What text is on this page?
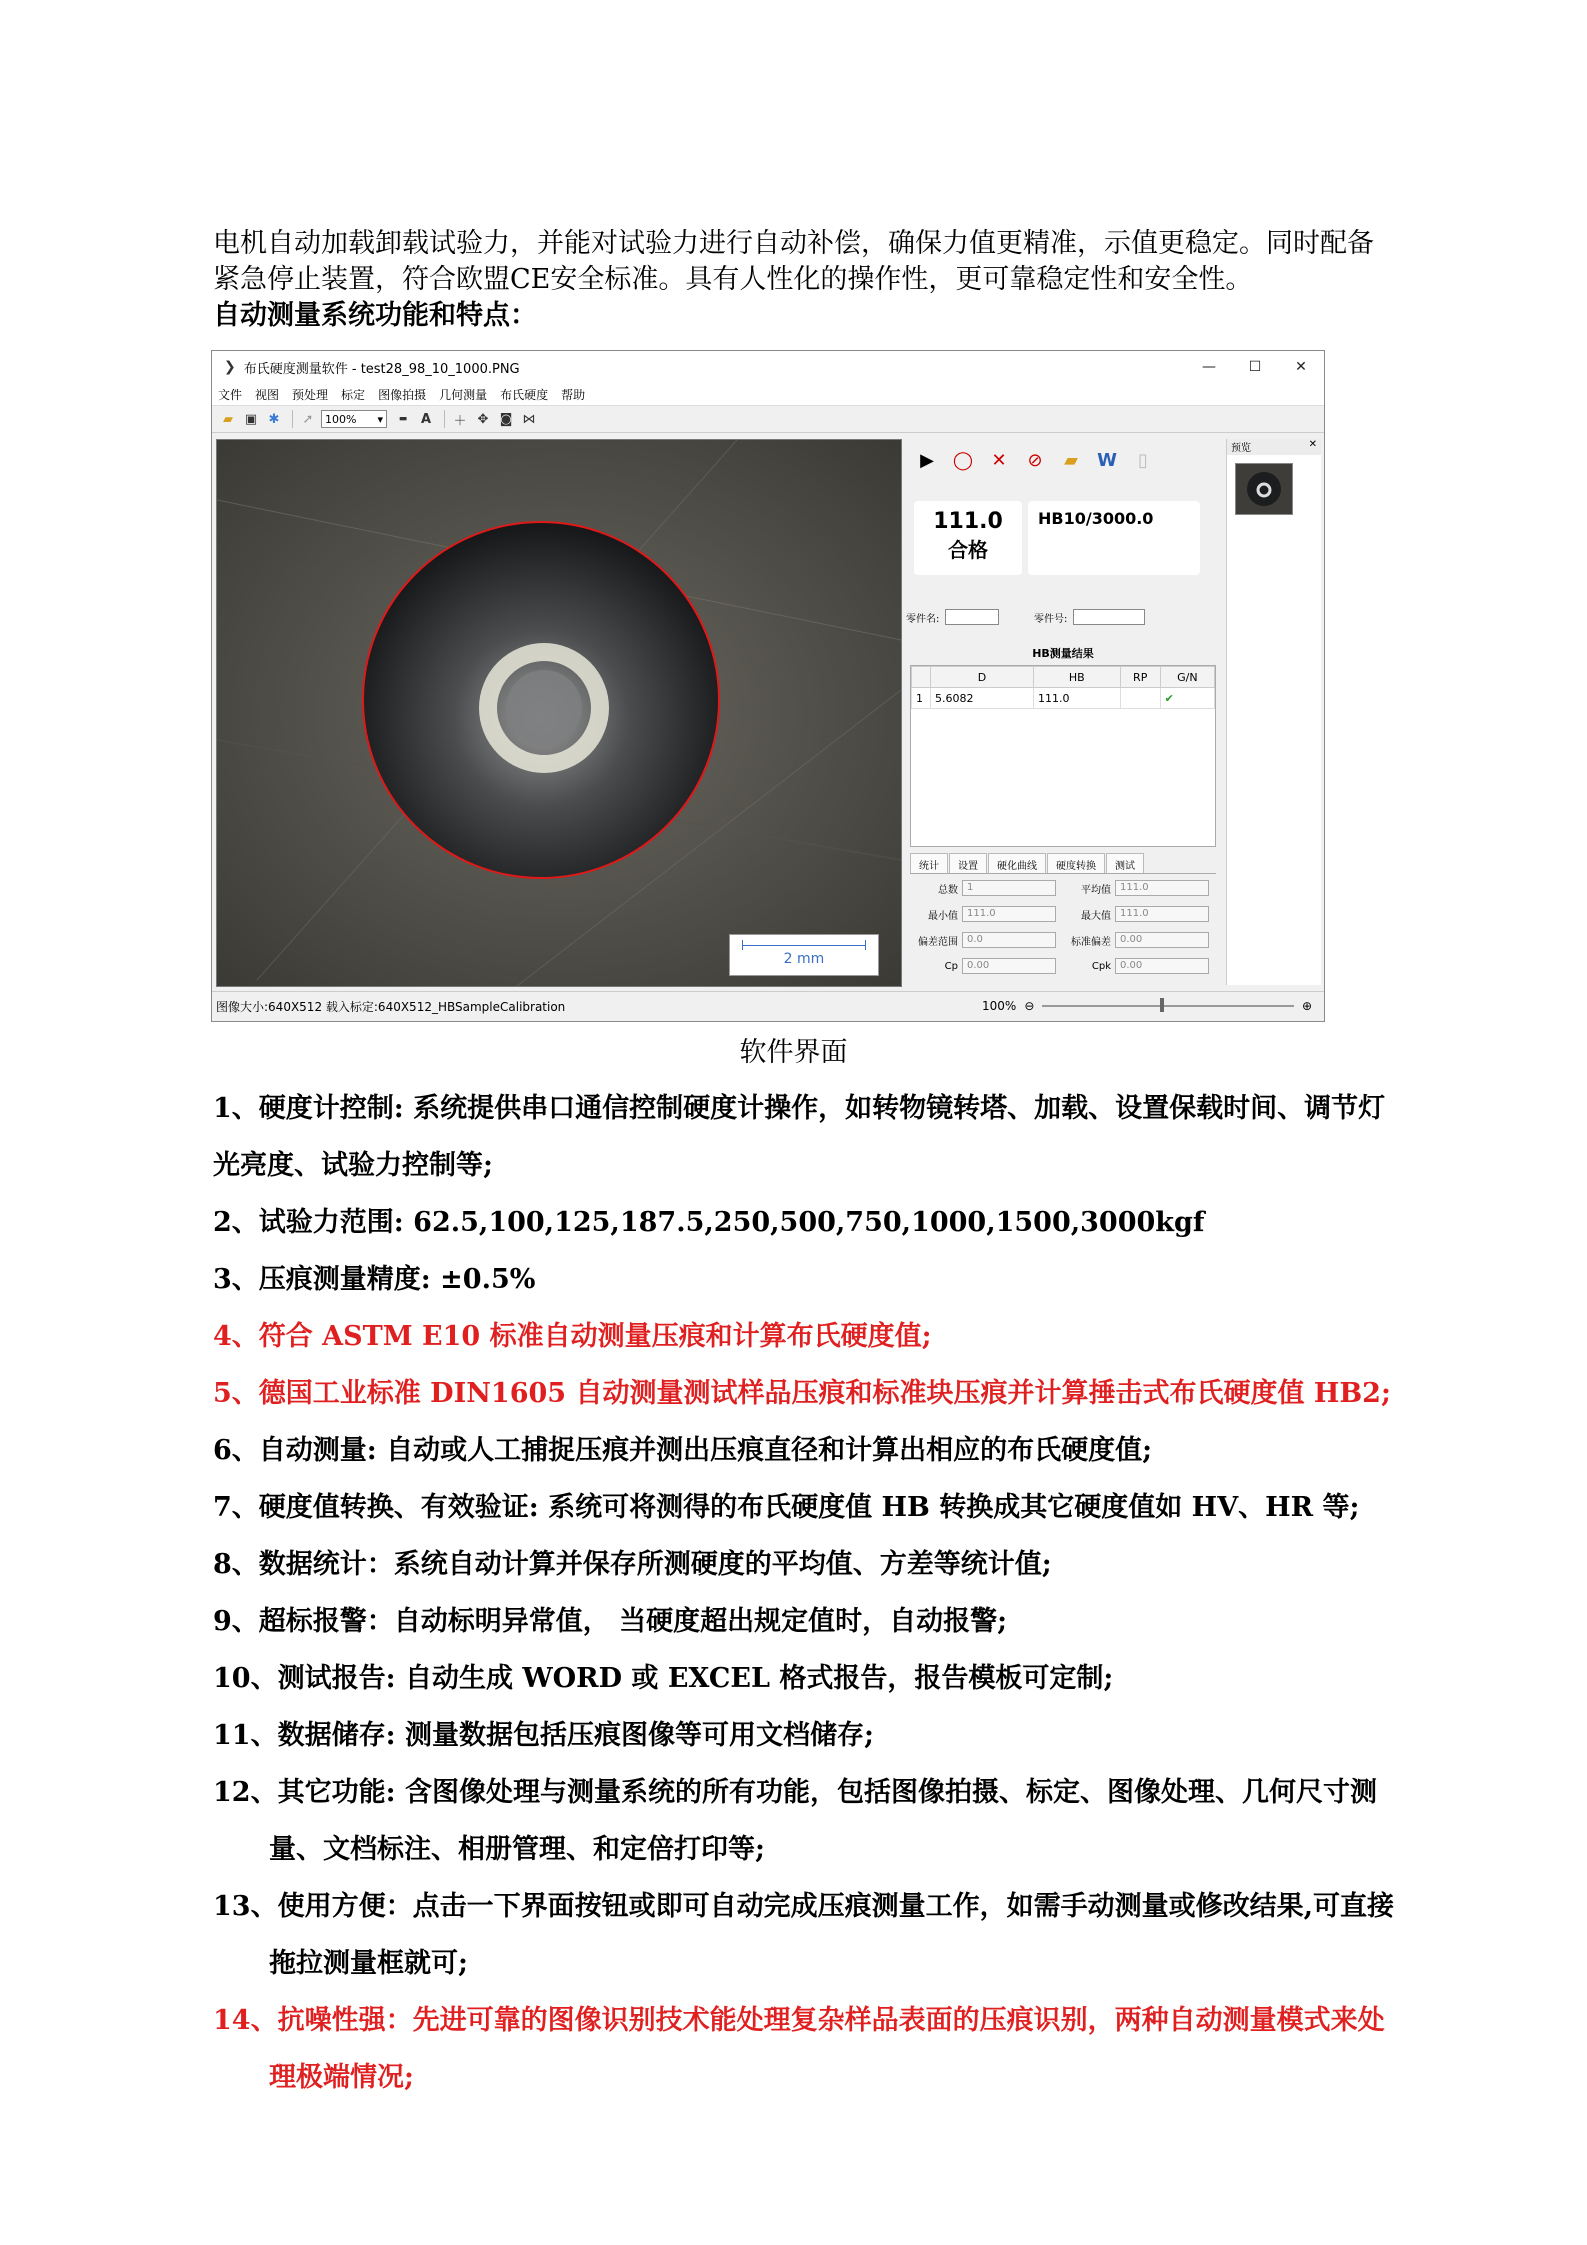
电机自动加载卸载试验力，并能对试验力进行自动补偿，确保力值更精准，示值更稳定。同时配备

紧急停止装置，符合欧盟CE安全标准。具有人性化的操作性，更可靠稳定性和安全性。

自动测量系统功能和特点：

❯ 布氏硬度测量软件 - test28_98_10_1000.PNG	—	☐	✕
文件 视图 预处理 标定 图像拍摄 几何测量 布氏硬度 帮助
▰ ▣ ✱	➚	100% ▾	▬	A	＋ ✥ ◙ ⋈
2 mm
▶	◯	✕	⊘	▰	W	▯
111.0
合格
HB10/3000.0
零件名:	零件号:
HB测量结果
	D	HB	RP	G/N
1	5.6082	111.0		✔
统计	设置	硬化曲线	硬度转换	测试
总数 1	平均值 111.0
最小值 111.0	最大值 111.0
偏差范围 0.0	标准偏差 0.00
Cp 0.00	Cpk 0.00
预览	✕
图像大小:640X512 载入标定:640X512_HBSampleCalibration	100% ⊖	⊕
软件界面
1、硬度计控制: 系统提供串口通信控制硬度计操作，如转物镜转塔、加载、设置保载时间、调节灯
光亮度、试验力控制等;
2、试验力范围: 62.5,100,125,187.5,250,500,750,1000,1500,3000kgf
3、压痕测量精度: ±0.5%
4、符合 ASTM E10 标准自动测量压痕和计算布氏硬度值;
5、德国工业标准 DIN1605 自动测量测试样品压痕和标准块压痕并计算捶击式布氏硬度值 HB2;
6、自动测量: 自动或人工捕捉压痕并测出压痕直径和计算出相应的布氏硬度值;
7、硬度值转换、有效验证: 系统可将测得的布氏硬度值 HB 转换成其它硬度值如 HV、HR 等;
8、数据统计：系统自动计算并保存所测硬度的平均值、方差等统计值;
9、超标报警：自动标明异常值， 当硬度超出规定值时，自动报警;
10、测试报告: 自动生成 WORD 或 EXCEL 格式报告，报告模板可定制;
11、数据储存: 测量数据包括压痕图像等可用文档储存;
12、其它功能: 含图像处理与测量系统的所有功能，包括图像拍摄、标定、图像处理、几何尺寸测
量、文档标注、相册管理、和定倍打印等;
13、使用方便：点击一下界面按钮或即可自动完成压痕测量工作，如需手动测量或修改结果,可直接
拖拉测量框就可;
14、抗噪性强：先进可靠的图像识别技术能处理复杂样品表面的压痕识别，两种自动测量模式来处
理极端情况;
